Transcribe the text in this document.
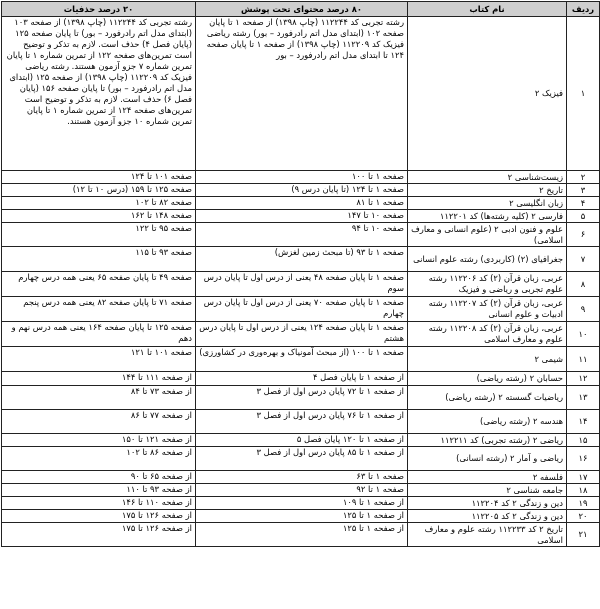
ردیف	نام کتاب	۸۰ درصد محتوای تحت پوشش	۲۰ درصد حذفیات
۱	فیزیک ۲	رشته تجربی کد ۱۱۲۲۴۴ (چاپ ۱۳۹۸) از صفحه ۱ تا پایان صفحه ۱۰۲ (ابتدای مدل اتم رادرفورد – بور) رشته ریاضی فیزیک کد ۱۱۲۲۰۹ (چاپ ۱۳۹۸) از صفحه ۱ تا پایان صفحه ۱۲۴ تا ابتدای مدل اتم رادرفورد – بور	رشته تجربی کد ۱۱۲۲۴۴ (چاپ ۱۳۹۸) از صفحه ۱۰۳ (ابتدای مدل اتم رادرفورد – بور) تا پایان صفحه ۱۲۵ (پایان فصل ۴) حذف است. لازم به تذکر و توضیح است تمرین‌های صفحه ۱۲۲ از تمرین شماره ۱ تا پایان تمرین شماره ۷ جزو آزمون هستند. رشته ریاضی فیزیک کد ۱۱۲۲۰۹ (چاپ ۱۳۹۸) از صفحه ۱۲۵ (ابتدای مدل اتم رادرفورد – بور) تا پایان صفحه ۱۵۶ (پایان فصل ۶) حذف است. لازم به تذکر و توضیح است تمرین‌های صفحه ۱۲۴ از تمرین شماره ۱ تا پایان تمرین شماره ۱۰ جزو آزمون هستند.
۲	زیست‌شناسی ۲	صفحه ۱ تا ۱۰۰	صفحه ۱۰۱ تا ۱۲۴
۳	تاریخ ۲	صفحه ۱ تا ۱۲۴ (تا پایان درس ۹)	صفحه ۱۲۵ تا ۱۵۹ (درس ۱۰ تا ۱۲)
۴	زبان انگلیسی ۲	صفحه ۱ تا ۸۱	صفحه ۸۲ تا ۱۰۲
۵	فارسی ۲ (کلیه رشته‌ها) کد ۱۱۲۲۰۱	صفحه ۱۰ تا ۱۴۷	صفحه ۱۴۸ تا ۱۶۲
۶	علوم و فنون ادبی ۲ (علوم انسانی و معارف اسلامی)	صفحه ۱۰ تا ۹۴	صفحه ۹۵ تا ۱۲۲
۷	جغرافیای (۲) (کاربردی) رشته علوم انسانی	صفحه ۱ تا ۹۳ (تا مبحث زمین لغزش)	صفحه ۹۳ تا ۱۱۵
۸	عربی، زبان قرآن (۲) کد ۱۱۲۲۰۶ رشته علوم تجربی و ریاضی و فیزیک	صفحه ۱ تا پایان صفحه ۴۸ یعنی از درس اول تا پایان درس سوم	صفحه ۴۹ تا پایان صفحه ۶۵ یعنی همه درس چهارم
۹	عربی، زبان قرآن (۲) کد ۱۱۲۲۰۷ رشته ادبیات و علوم انسانی	صفحه ۱ تا پایان صفحه ۷۰ یعنی از درس اول تا پایان درس چهارم	صفحه ۷۱ تا پایان صفحه ۸۲ یعنی همه درس پنجم
۱۰	عربی، زبان قرآن (۲) کد ۱۱۲۲۰۸ رشته علوم و معارف اسلامی	صفحه ۱ تا پایان صفحه ۱۲۴ یعنی از درس اول تا پایان درس هشتم	صفحه ۱۲۵ تا پایان صفحه ۱۶۴ یعنی همه درس نهم و دهم
۱۱	شیمی ۲	صفحه ۱ تا ۱۰۰ (از مبحث آمونیاک و بهره‌وری در کشاورزی)	صفحه ۱۰۱ تا ۱۲۱
۱۲	حسابان ۲ (رشته ریاضی)	از صفحه ۱ تا پایان فصل ۴	از صفحه ۱۱۱ تا ۱۴۴
۱۳	ریاضیات گسسته ۲ (رشته ریاضی)	از صفحه ۱ تا ۷۲ پایان درس اول از فصل ۳	از صفحه ۷۳ تا ۸۴
۱۴	هندسه ۲ (رشته ریاضی)	از صفحه ۱ تا ۷۶ پایان درس اول از فصل ۳	از صفحه ۷۷ تا ۸۶
۱۵	ریاضی ۲ (رشته تجربی) کد ۱۱۲۲۱۱	از صفحه ۱ تا ۱۲۰ پایان فصل ۵	از صفحه ۱۲۱ تا ۱۵۰
۱۶	ریاضی و آمار ۲ (رشته انسانی)	از صفحه ۱ تا ۸۵ پایان درس اول از فصل ۳	از صفحه ۸۶ تا ۱۰۲
۱۷	فلسفه ۲	صفحه ۱ تا ۶۳	از صفحه ۶۵ تا ۹۰
۱۸	جامعه شناسی ۲	صفحه ۱ تا ۹۲	از صفحه ۹۳ تا ۱۱۰
۱۹	دین و زندگی ۲ کد ۱۱۲۲۰۴	از صفحه ۱ تا ۱۰۹	از صفحه ۱۱۰ تا ۱۴۶
۲۰	دین و زندگی ۲ کد ۱۱۲۲۰۵	از صفحه ۱ تا ۱۲۵	از صفحه ۱۲۶ تا ۱۷۵
۲۱	تاریخ ۲ کد ۱۱۲۲۳۳ رشته علوم و معارف اسلامی	از صفحه ۱ تا ۱۲۵	از صفحه ۱۲۶ تا ۱۷۵
